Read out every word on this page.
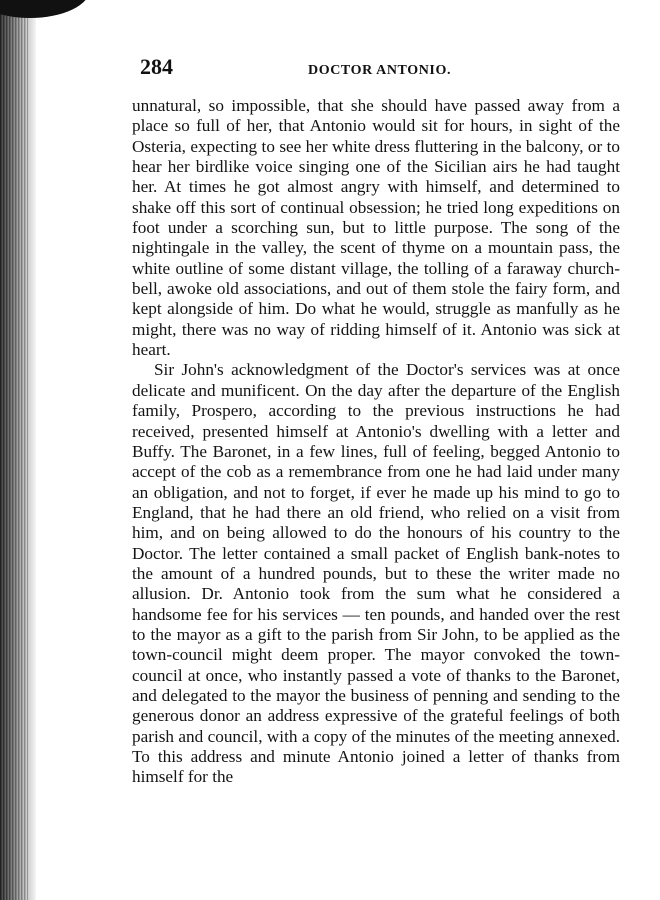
284	DOCTOR ANTONIO.

unnatural, so impossible, that she should have passed away from a place so full of her, that Antonio would sit for hours, in sight of the Osteria, expecting to see her white dress fluttering in the balcony, or to hear her birdlike voice singing one of the Sicilian airs he had taught her. At times he got almost angry with himself, and determined to shake off this sort of continual obsession; he tried long expeditions on foot under a scorching sun, but to little purpose. The song of the nightingale in the valley, the scent of thyme on a mountain pass, the white outline of some distant village, the tolling of a faraway church-bell, awoke old associations, and out of them stole the fairy form, and kept alongside of him. Do what he would, struggle as manfully as he might, there was no way of ridding himself of it. Antonio was sick at heart.

Sir John's acknowledgment of the Doctor's services was at once delicate and munificent. On the day after the departure of the English family, Prospero, according to the previous instructions he had received, presented himself at Antonio's dwelling with a letter and Buffy. The Baronet, in a few lines, full of feeling, begged Antonio to accept of the cob as a remembrance from one he had laid under many an obligation, and not to forget, if ever he made up his mind to go to England, that he had there an old friend, who relied on a visit from him, and on being allowed to do the honours of his country to the Doctor. The letter contained a small packet of English bank-notes to the amount of a hundred pounds, but to these the writer made no allusion. Dr. Antonio took from the sum what he considered a handsome fee for his services — ten pounds, and handed over the rest to the mayor as a gift to the parish from Sir John, to be applied as the town-council might deem proper. The mayor convoked the town-council at once, who instantly passed a vote of thanks to the Baronet, and delegated to the mayor the business of penning and sending to the generous donor an address expressive of the grateful feelings of both parish and council, with a copy of the minutes of the meeting annexed. To this address and minute Antonio joined a letter of thanks from himself for the
